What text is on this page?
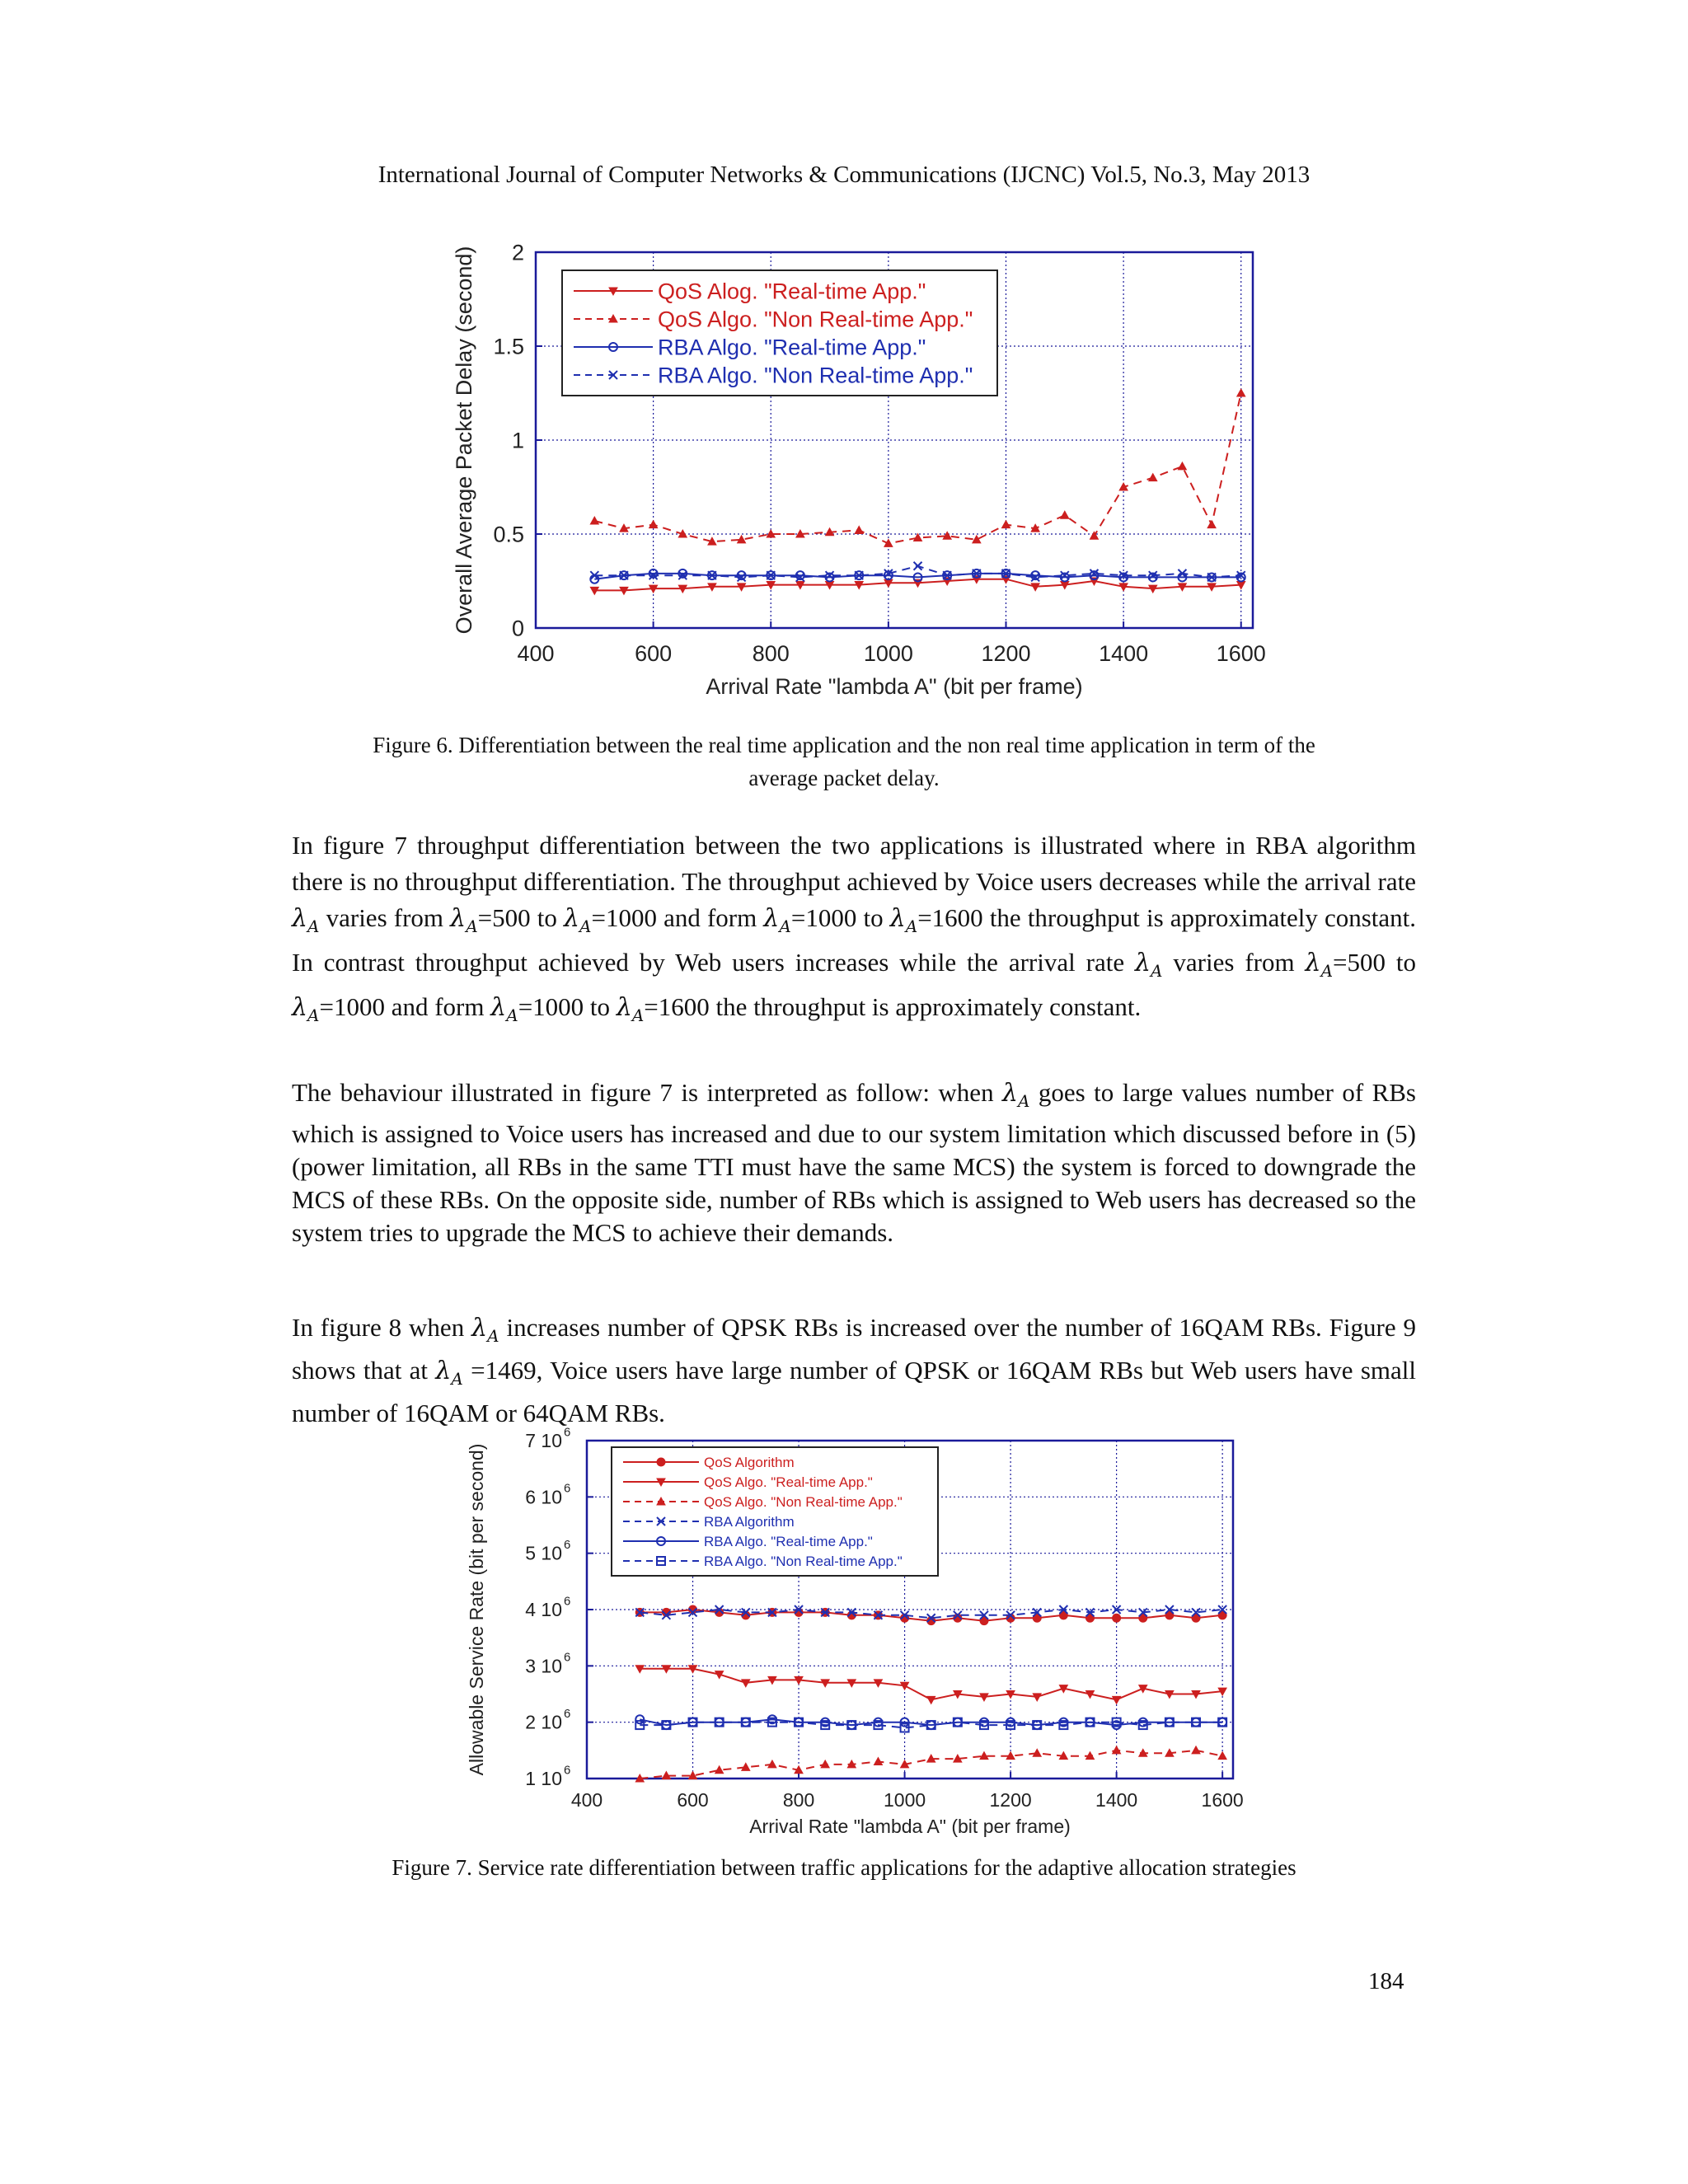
International Journal of Computer Networks & Communications (IJCNC) Vol.5, No.3, May 2013
400	600	800	1000	1200	1400	1600
0
0.5
1
1.5
2
Arrival Rate "lambda A" (bit per frame)
Overall Average Packet Delay (second)	QoS Alog. "Real-time App."
QoS Algo. "Non Real-time App."
RBA Algo. "Real-time App."
RBA Algo. "Non Real-time App."
Figure 6. Differentiation between the real time application and the non real time application in term of the
average packet delay.
In figure 7 throughput differentiation between the two applications is illustrated where in RBA algorithm there is no throughput differentiation. The throughput achieved by Voice users decreases while the arrival rate $\lambda_A$ varies from $\lambda_A=500$ to $\lambda_A=1000$ and form $\lambda_A=1000$ to $\lambda_A=1600$ the throughput is approximately constant. In contrast throughput achieved by Web users increases while the arrival rate $\lambda_A$ varies from $\lambda_A=500$ to $\lambda_A=1000$ and form $\lambda_A=1000$ to $\lambda_A=1600$ the throughput is approximately constant.
The behaviour illustrated in figure 7 is interpreted as follow: when $\lambda_A$ goes to large values number of RBs which is assigned to Voice users has increased and due to our system limitation which discussed before in (5) (power limitation, all RBs in the same TTI must have the same MCS) the system is forced to downgrade the MCS of these RBs. On the opposite side, number of RBs which is assigned to Web users has decreased so the system tries to upgrade the MCS to achieve their demands.
In figure 8 when $\lambda_A$ increases number of QPSK RBs is increased over the number of 16QAM RBs. Figure 9 shows that at $\lambda_A =1469$, Voice users have large number of QPSK or 16QAM RBs but Web users have small number of 16QAM or 64QAM RBs.
400	600	800	1000	1200	1400	1600
1 10 6
2 10 6
3 10 6
4 10 6
5 10 6
6 10 6
7 10 6
Arrival Rate "lambda A" (bit per frame)
Allowable Service Rate (bit per second)	QoS Algorithm
QoS Algo. "Real-time App."
QoS Algo. "Non Real-time App."
RBA Algorithm
RBA Algo. "Real-time App."
RBA Algo. "Non Real-time App."
Figure 7. Service rate differentiation between traffic applications for the adaptive allocation strategies
184
